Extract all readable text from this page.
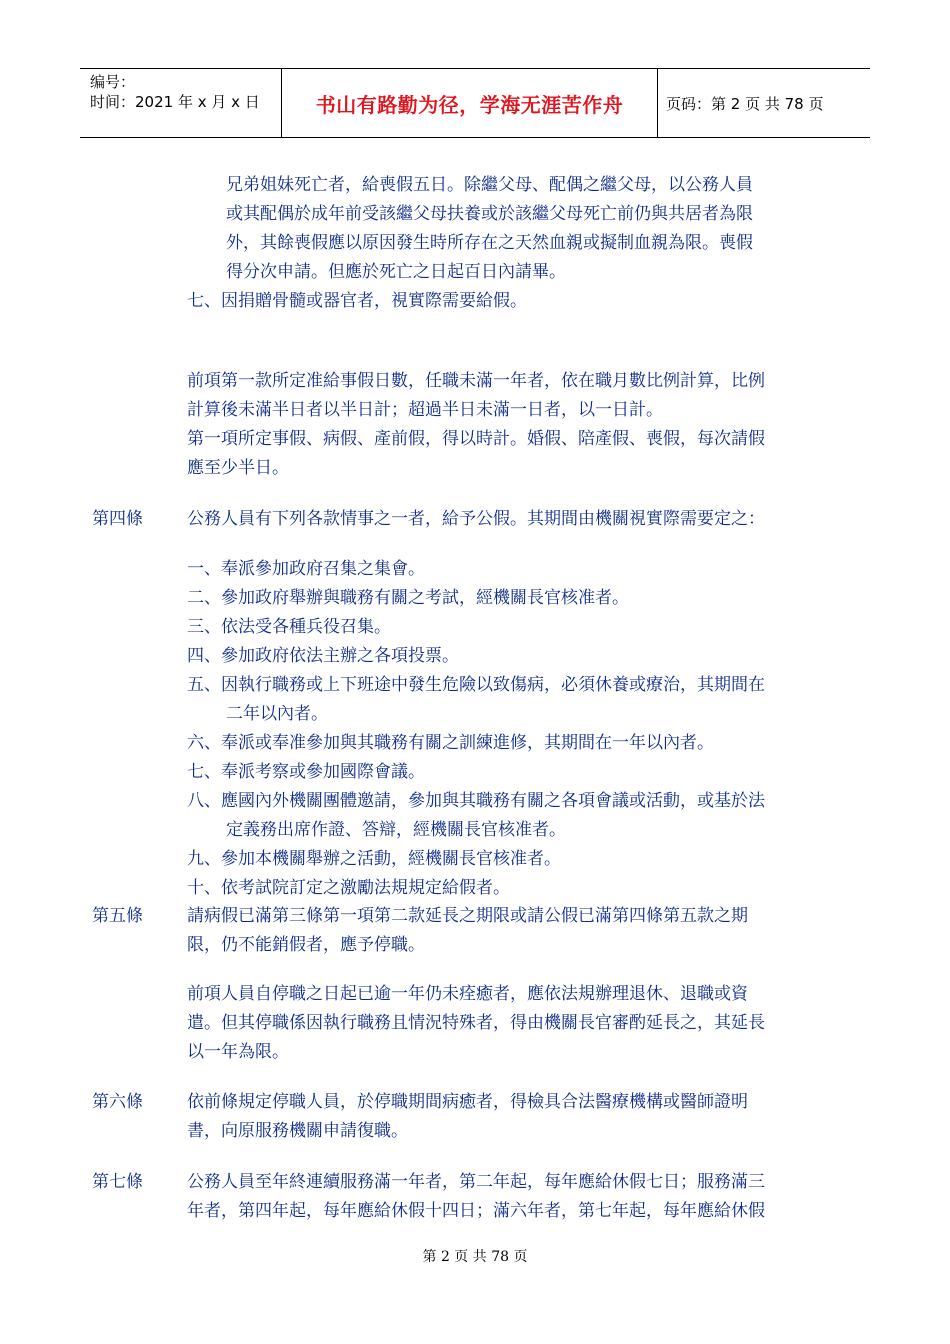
编号：
时间：2021 年 x 月 x 日	书山有路勤为径，学海无涯苦作舟	页码：第 2 页 共 78 页
兄弟姐妹死亡者，給喪假五日。除繼父母、配偶之繼父母，以公務人員
或其配偶於成年前受該繼父母扶養或於該繼父母死亡前仍與共居者為限
外，其餘喪假應以原因發生時所存在之天然血親或擬制血親為限。喪假
得分次申請。但應於死亡之日起百日內請畢。
七、因捐贈骨髓或器官者，視實際需要給假。
前項第一款所定准給事假日數，任職未滿一年者，依在職月數比例計算，比例
計算後未滿半日者以半日計；超過半日未滿一日者，以一日計。
第一項所定事假、病假、產前假，得以時計。婚假、陪產假、喪假，每次請假
應至少半日。
第四條	公務人員有下列各款情事之一者，給予公假。其期間由機關視實際需要定之：
一、奉派參加政府召集之集會。
二、參加政府舉辦與職務有關之考試，經機關長官核准者。
三、依法受各種兵役召集。
四、參加政府依法主辦之各項投票。
五、因執行職務或上下班途中發生危險以致傷病，必須休養或療治，其期間在
二年以內者。
六、奉派或奉准參加與其職務有關之訓練進修，其期間在一年以內者。
七、奉派考察或參加國際會議。
八、應國內外機關團體邀請，參加與其職務有關之各項會議或活動，或基於法
定義務出席作證、答辯，經機關長官核准者。
九、參加本機關舉辦之活動，經機關長官核准者。
十、依考試院訂定之激勵法規規定給假者。
第五條	請病假已滿第三條第一項第二款延長之期限或請公假已滿第四條第五款之期
限，仍不能銷假者，應予停職。
前項人員自停職之日起已逾一年仍未痊癒者，應依法規辦理退休、退職或資
遣。但其停職係因執行職務且情況特殊者，得由機關長官審酌延長之，其延長
以一年為限。
第六條	依前條規定停職人員，於停職期間病癒者，得檢具合法醫療機構或醫師證明
書，向原服務機關申請復職。
第七條	公務人員至年終連續服務滿一年者，第二年起，每年應給休假七日；服務滿三
年者，第四年起，每年應給休假十四日；滿六年者，第七年起，每年應給休假
第 2 页 共 78 页
